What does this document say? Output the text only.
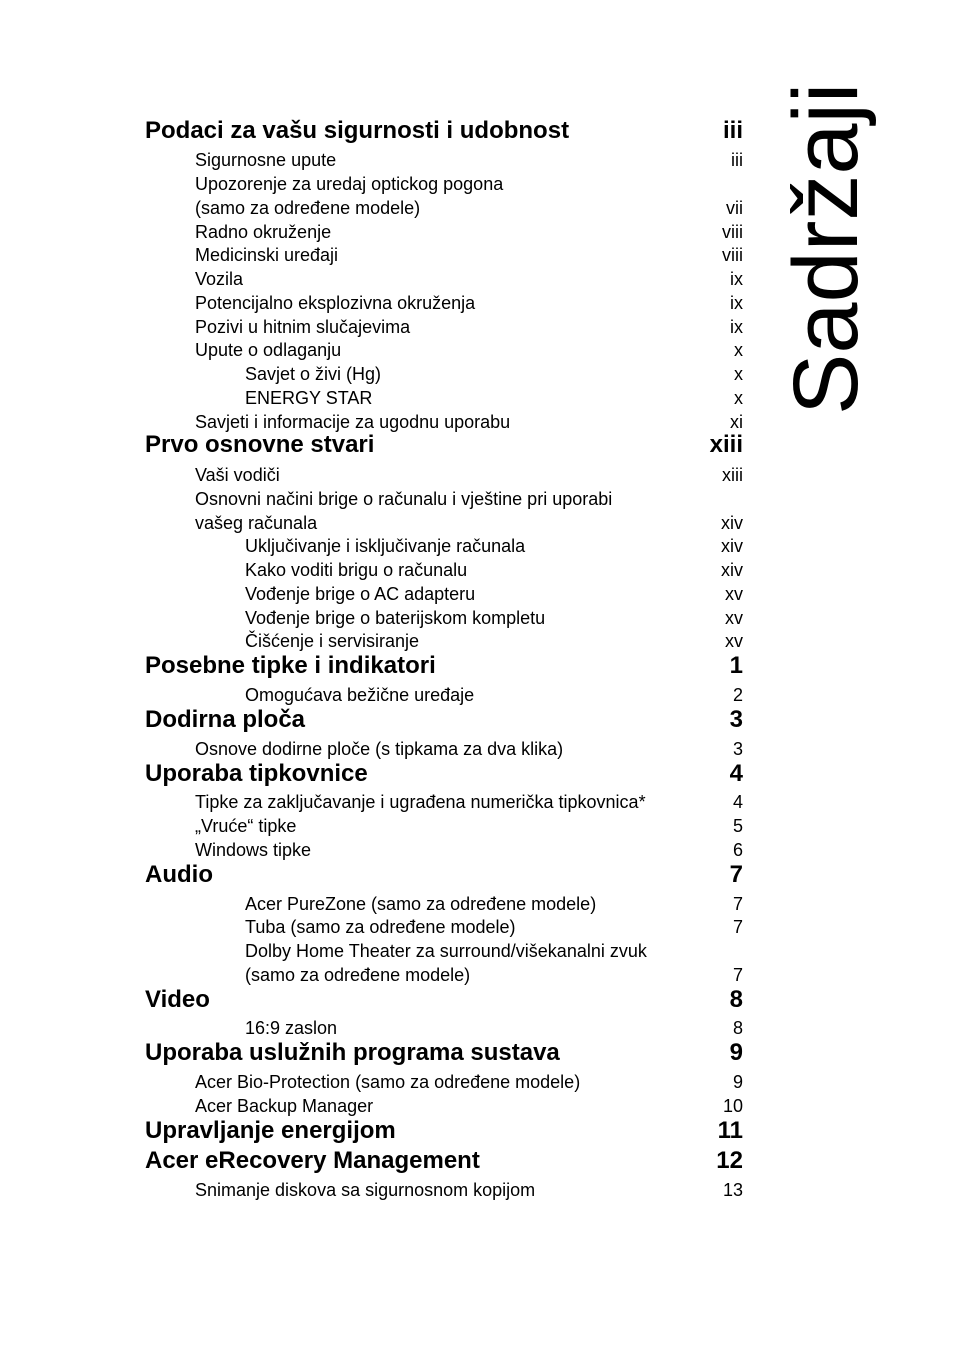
Sadržaji
Podaci za vašu sigurnosti i udobnost	iii
Sigurnosne upute	iii
Upozorenje za uredaj optickog pogona
(samo za određene modele)	vii
Radno okruženje	viii
Medicinski uređaji	viii
Vozila	ix
Potencijalno eksplozivna okruženja	ix
Pozivi u hitnim slučajevima	ix
Upute o odlaganju	x
Savjet o živi (Hg)	x
ENERGY STAR	x
Savjeti i informacije za ugodnu uporabu	xi
Prvo osnovne stvari	xiii
Vaši vodiči	xiii
Osnovni načini brige o računalu i vještine pri uporabi
vašeg računala	xiv
Uključivanje i isključivanje računala	xiv
Kako voditi brigu o računalu	xiv
Vođenje brige o AC adapteru	xv
Vođenje brige o baterijskom kompletu	xv
Čišćenje i servisiranje	xv
Posebne tipke i indikatori	1
Omogućava bežične uređaje	2
Dodirna ploča	3
Osnove dodirne ploče (s tipkama za dva klika)	3
Uporaba tipkovnice	4
Tipke za zaključavanje i ugrađena numerička tipkovnica*	4
„Vruće“ tipke	5
Windows tipke	6
Audio	7
Acer PureZone (samo za određene modele)	7
Tuba (samo za određene modele)	7
Dolby Home Theater za surround/višekanalni zvuk
(samo za određene modele)	7
Video	8
16:9 zaslon	8
Uporaba uslužnih programa sustava	9
Acer Bio-Protection (samo za određene modele)	9
Acer Backup Manager	10
Upravljanje energijom	11
Acer eRecovery Management	12
Snimanje diskova sa sigurnosnom kopijom	13
